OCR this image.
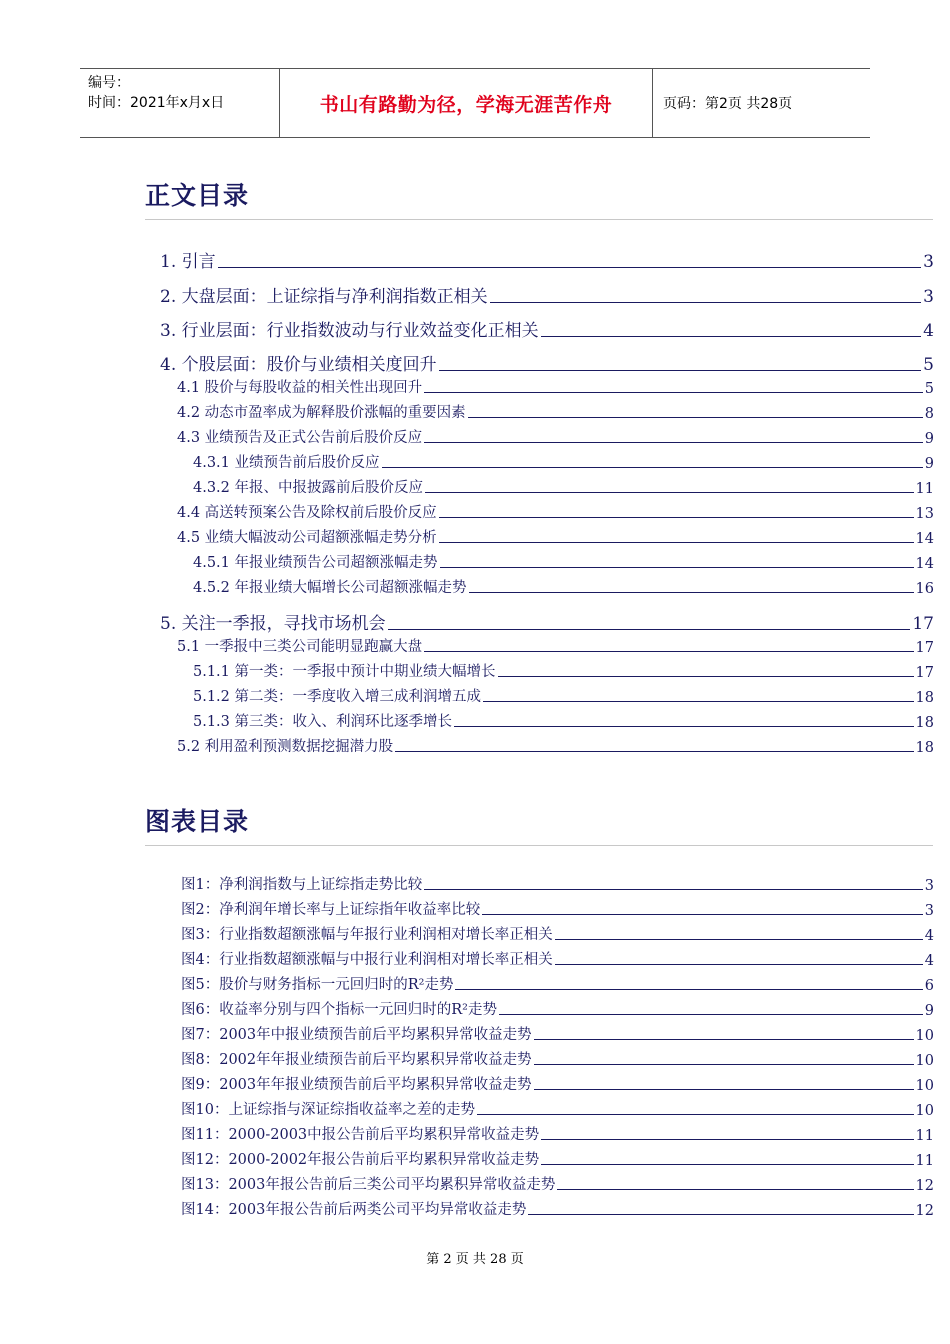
编号：
时间：2021年x月x日	书山有路勤为径，学海无涯苦作舟	页码：第2页 共28页
正文目录
1. 引言	3
2. 大盘层面：上证综指与净利润指数正相关	3
3. 行业层面：行业指数波动与行业效益变化正相关	4
4. 个股层面：股价与业绩相关度回升	5
4.1 股价与每股收益的相关性出现回升	5
4.2 动态市盈率成为解释股价涨幅的重要因素	8
4.3 业绩预告及正式公告前后股价反应	9
4.3.1 业绩预告前后股价反应	9
4.3.2 年报、中报披露前后股价反应	11
4.4 高送转预案公告及除权前后股价反应	13
4.5 业绩大幅波动公司超额涨幅走势分析	14
4.5.1 年报业绩预告公司超额涨幅走势	14
4.5.2 年报业绩大幅增长公司超额涨幅走势	16
5. 关注一季报，寻找市场机会	17
5.1 一季报中三类公司能明显跑赢大盘	17
5.1.1 第一类：一季报中预计中期业绩大幅增长	17
5.1.2 第二类：一季度收入增三成利润增五成	18
5.1.3 第三类：收入、利润环比逐季增长	18
5.2 利用盈利预测数据挖掘潜力股	18
图表目录
图1：净利润指数与上证综指走势比较	3
图2：净利润年增长率与上证综指年收益率比较	3
图3：行业指数超额涨幅与年报行业利润相对增长率正相关	4
图4：行业指数超额涨幅与中报行业利润相对增长率正相关	4
图5：股价与财务指标一元回归时的R²走势	6
图6：收益率分别与四个指标一元回归时的R²走势	9
图7：2003年中报业绩预告前后平均累积异常收益走势	10
图8：2002年年报业绩预告前后平均累积异常收益走势	10
图9：2003年年报业绩预告前后平均累积异常收益走势	10
图10：上证综指与深证综指收益率之差的走势	10
图11：2000-2003中报公告前后平均累积异常收益走势	11
图12：2000-2002年报公告前后平均累积异常收益走势	11
图13：2003年报公告前后三类公司平均累积异常收益走势	12
图14：2003年报公告前后两类公司平均异常收益走势	12
第 2 页 共 28 页
